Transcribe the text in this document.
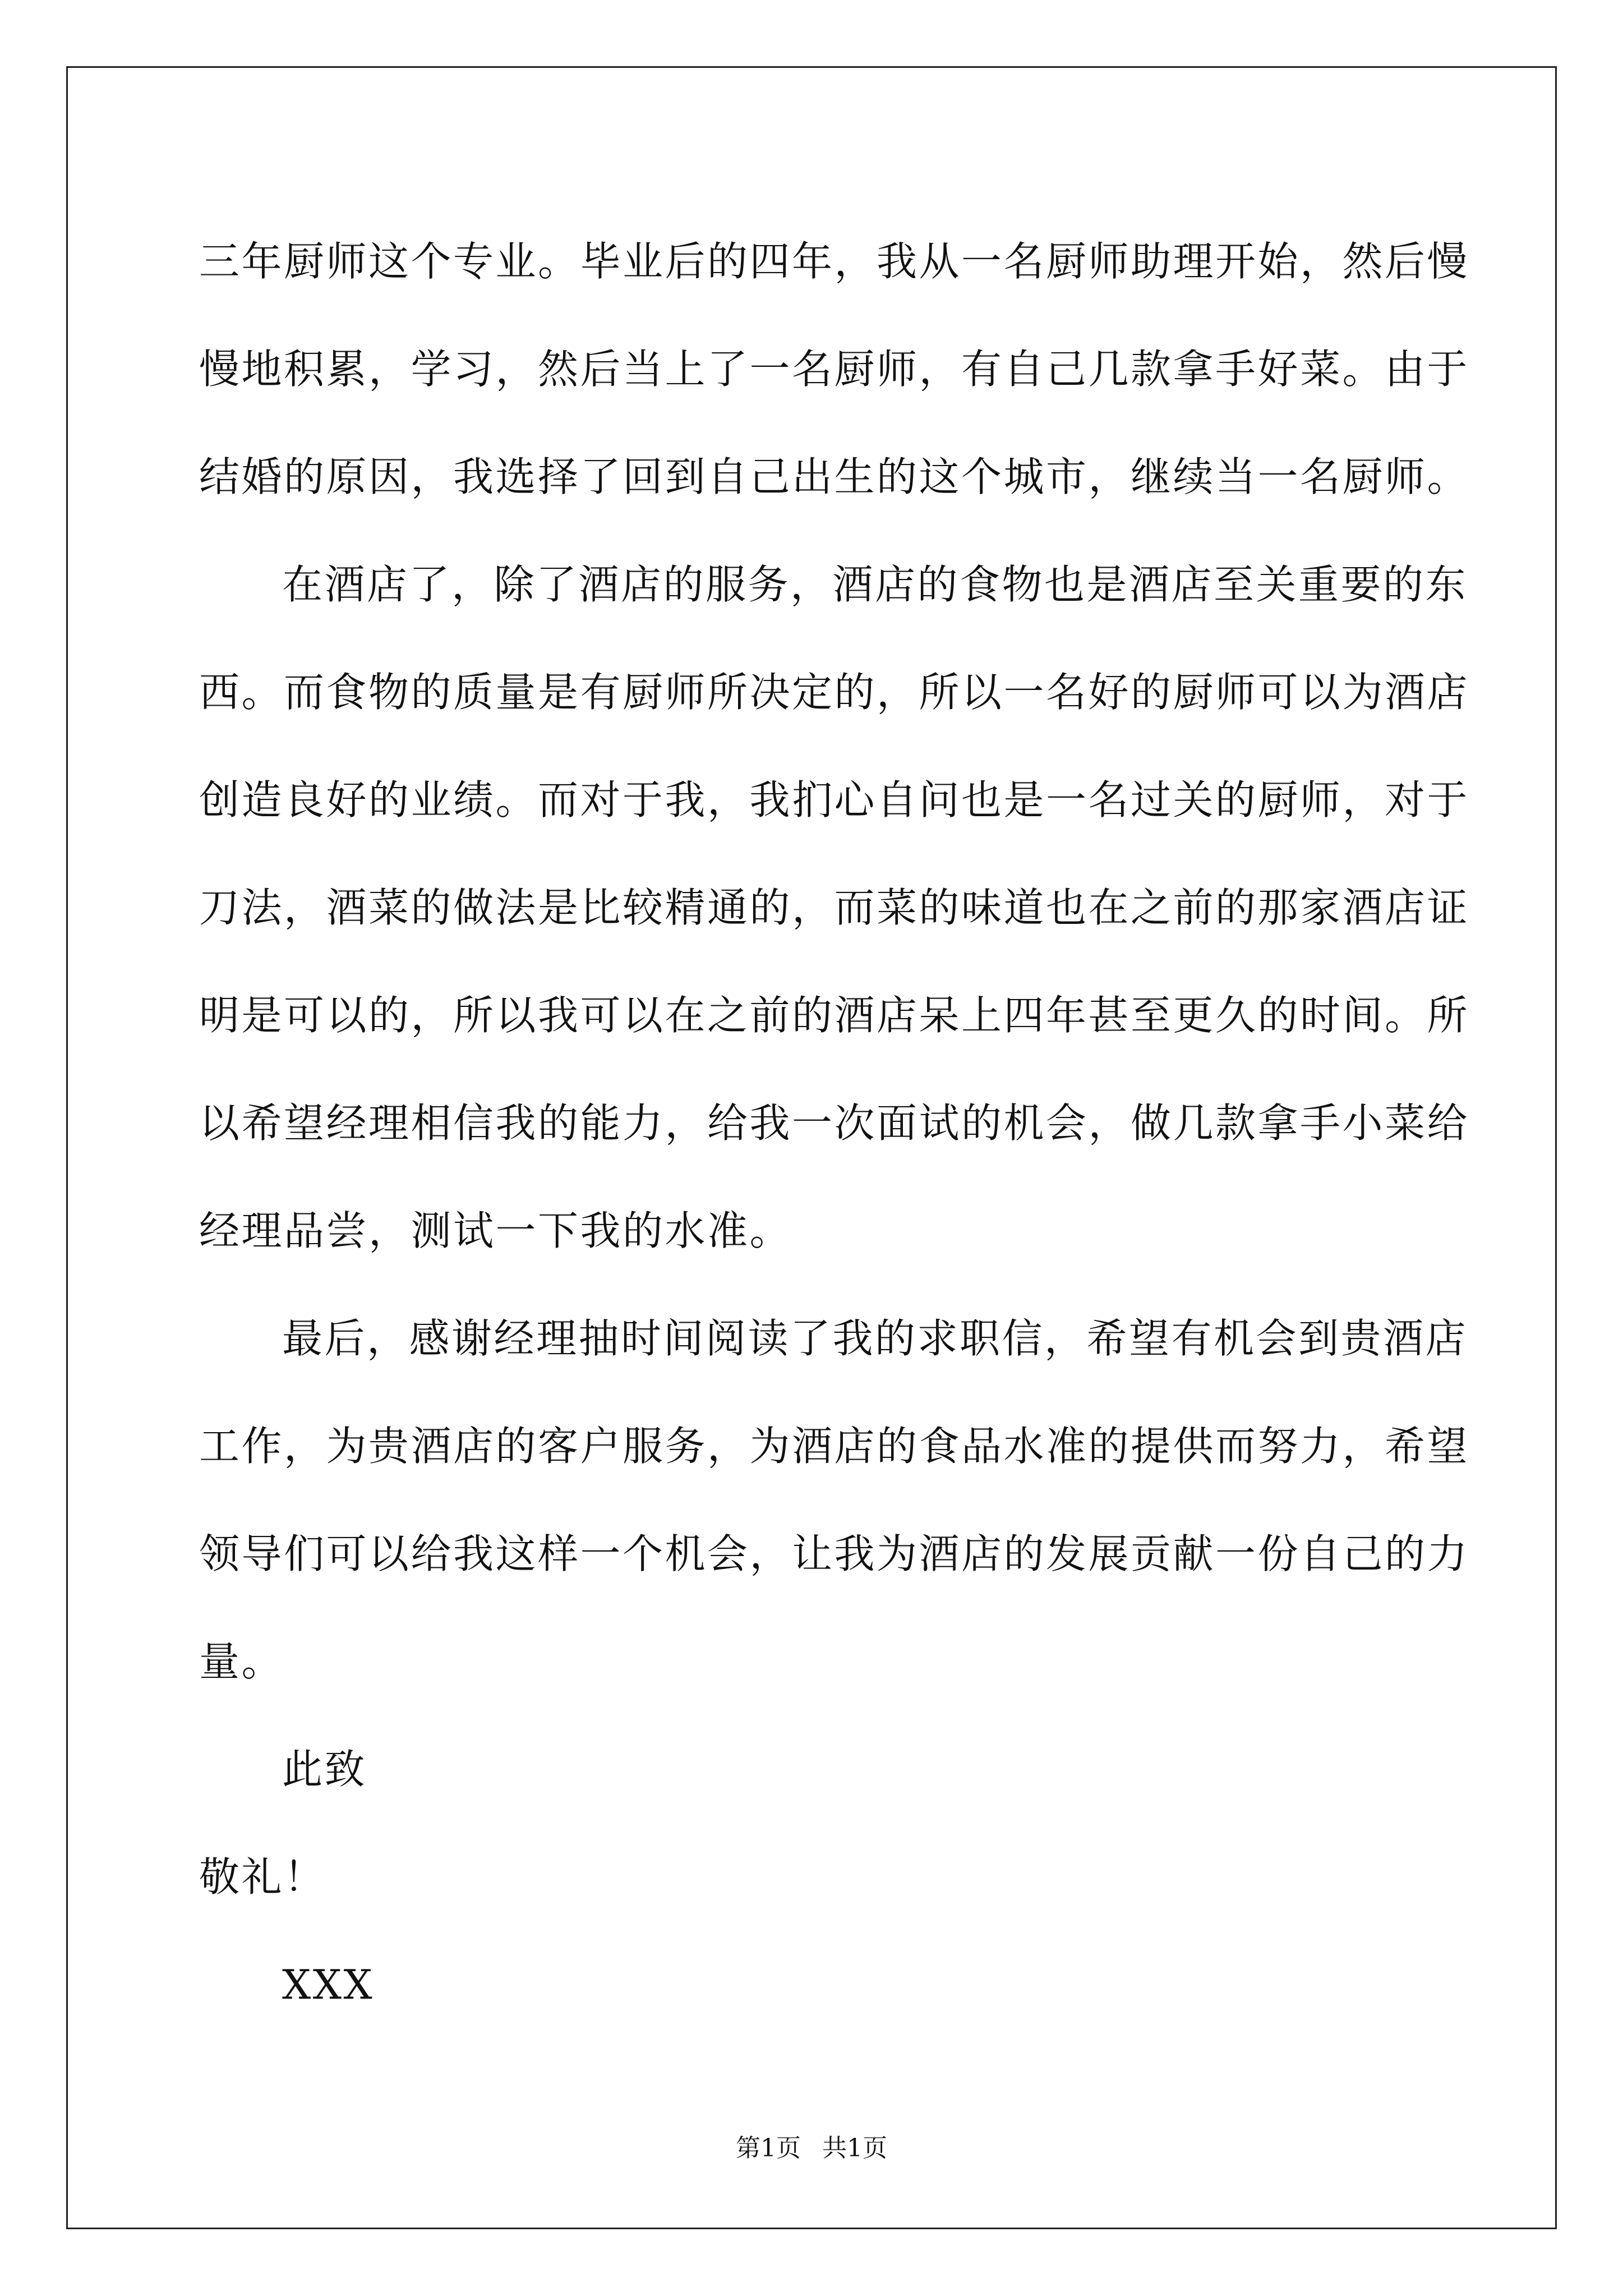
三年厨师这个专业。毕业后的四年，我从一名厨师助理开始，然后慢
慢地积累，学习，然后当上了一名厨师，有自己几款拿手好菜。由于
结婚的原因，我选择了回到自己出生的这个城市，继续当一名厨师。
在酒店了，除了酒店的服务，酒店的食物也是酒店至关重要的东
西。而食物的质量是有厨师所决定的，所以一名好的厨师可以为酒店
创造良好的业绩。而对于我，我扪心自问也是一名过关的厨师，对于
刀法，酒菜的做法是比较精通的，而菜的味道也在之前的那家酒店证
明是可以的，所以我可以在之前的酒店呆上四年甚至更久的时间。所
以希望经理相信我的能力，给我一次面试的机会，做几款拿手小菜给
经理品尝，测试一下我的水准。
最后，感谢经理抽时间阅读了我的求职信，希望有机会到贵酒店
工作，为贵酒店的客户服务，为酒店的食品水准的提供而努力，希望
领导们可以给我这样一个机会，让我为酒店的发展贡献一份自己的力
量。
此致
敬礼！
XXX
第1页 共1页
